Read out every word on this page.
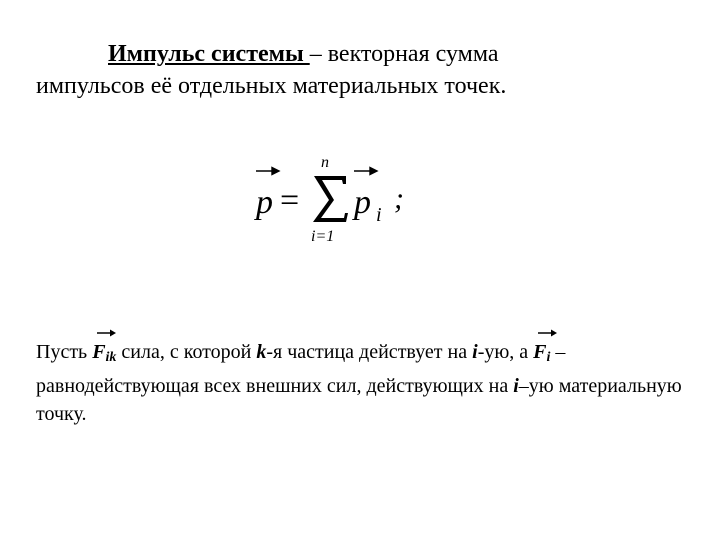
Импульс системы – векторная сумма
импульсов её отдельных материальных точек.

p =
n
i=1
p i ;

Пусть
$F_{ik}$ сила, с которой k-я частица действует на i-ую, а
$F_i$ – равнодействующая всех внешних сил, действующих на i–ую материальную точку.
